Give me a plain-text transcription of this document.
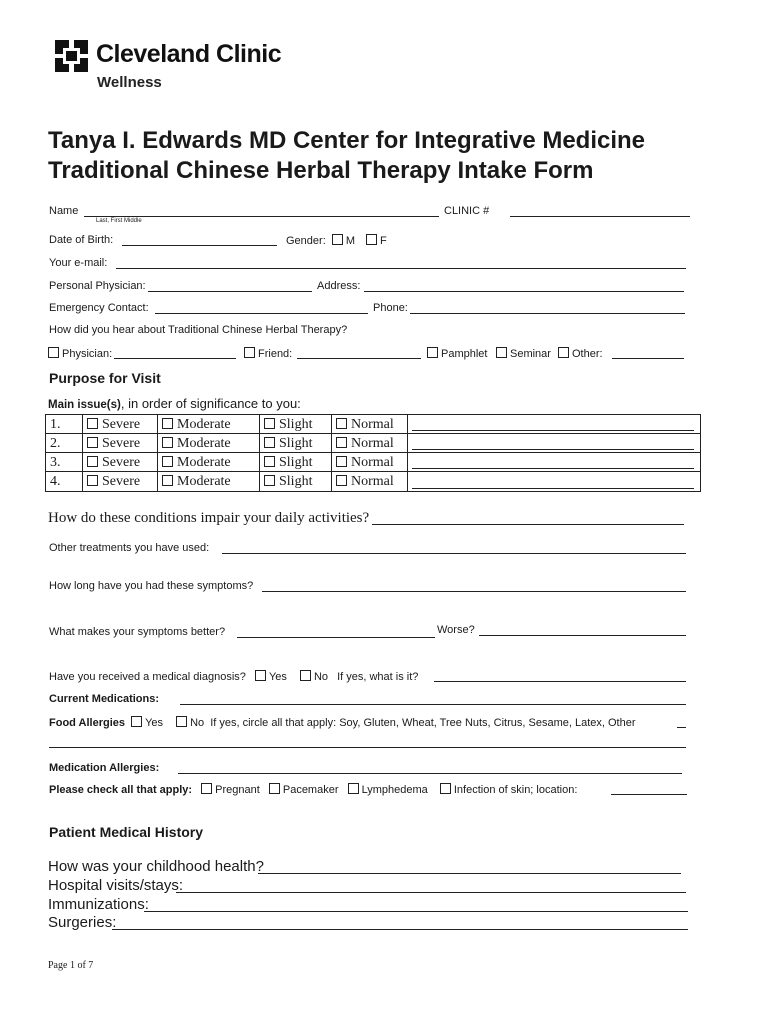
Cleveland Clinic
Wellness
Tanya I. Edwards MD Center for Integrative Medicine
Traditional Chinese Herbal Therapy Intake Form
Name
Last, First Middle
CLINIC #
Date of Birth:	Gender: M F
Your e-mail:
Personal Physician:	Address:
Emergency Contact:	Phone:
How did you hear about Traditional Chinese Herbal Therapy?
Physician:	Friend:	Pamphlet	Seminar	Other:
Purpose for Visit
Main issue(s), in order of significance to you:
1.	Severe	Moderate	Slight	Normal
2.	Severe	Moderate	Slight	Normal
3.	Severe	Moderate	Slight	Normal
4.	Severe	Moderate	Slight	Normal
How do these conditions impair your daily activities?
Other treatments you have used:
How long have you had these symptoms?
What makes your symptoms better?	Worse?
Have you received a medical diagnosis? Yes No If yes, what is it?
Current Medications:
Food Allergies Yes No If yes, circle all that apply: Soy, Gluten, Wheat, Tree Nuts, Citrus, Sesame, Latex, Other
Medication Allergies:
Please check all that apply: Pregnant Pacemaker Lymphedema Infection of skin; location:
Patient Medical History
How was your childhood health?
Hospital visits/stays:
Immunizations:
Surgeries:
Page 1 of 7
